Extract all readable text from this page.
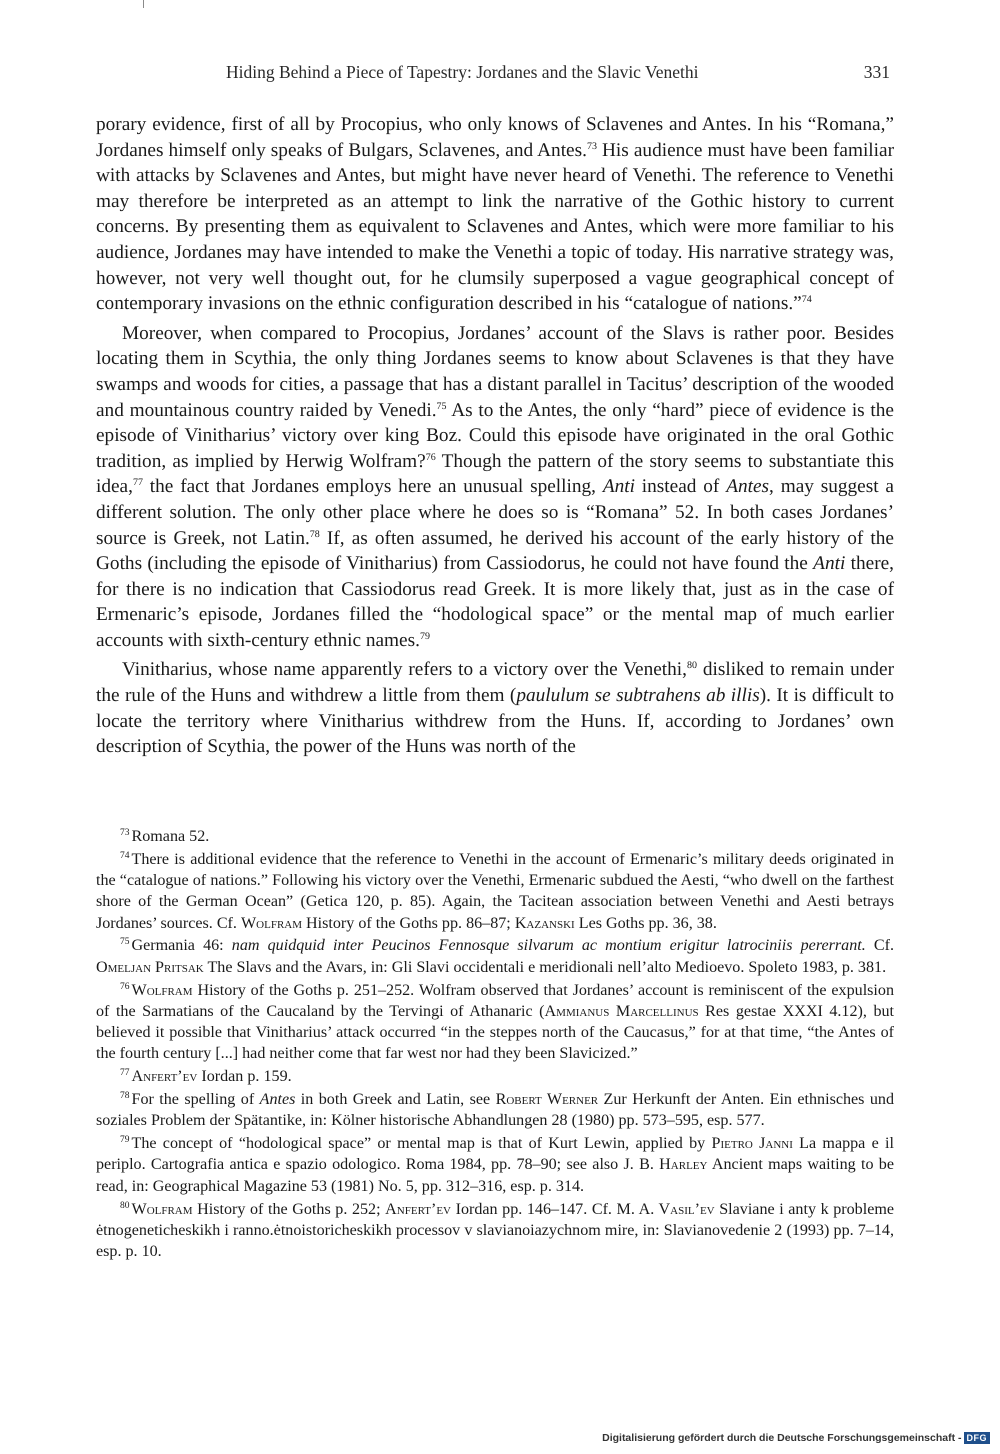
Hiding Behind a Piece of Tapestry: Jordanes and the Slavic Venethi	331

porary evidence, first of all by Procopius, who only knows of Sclavenes and Antes. In his “Romana,” Jordanes himself only speaks of Bulgars, Sclavenes, and Antes.$^{73}$ His audience must have been familiar with attacks by Sclavenes and Antes, but might have never heard of Venethi. The reference to Venethi may therefore be interpreted as an attempt to link the narrative of the Gothic history to current concerns. By presenting them as equivalent to Sclavenes and Antes, which were more familiar to his audience, Jordanes may have intended to make the Venethi a topic of today. His narrative strategy was, however, not very well thought out, for he clumsily superposed a vague geographical concept of contemporary invasions on the ethnic configuration described in his “catalogue of nations.”$^{74}$

Moreover, when compared to Procopius, Jordanes’ account of the Slavs is rather poor. Besides locating them in Scythia, the only thing Jordanes seems to know about Sclavenes is that they have swamps and woods for cities, a passage that has a distant parallel in Tacitus’ description of the wooded and mountainous country raided by Venedi.$^{75}$ As to the Antes, the only “hard” piece of evidence is the episode of Vinitharius’ victory over king Boz. Could this episode have originated in the oral Gothic tradition, as implied by Herwig Wolfram?$^{76}$ Though the pattern of the story seems to substantiate this idea,$^{77}$ the fact that Jordanes employs here an unusual spelling, Anti instead of Antes, may suggest a different solution. The only other place where he does so is “Romana” 52. In both cases Jordanes’ source is Greek, not Latin.$^{78}$ If, as often assumed, he derived his account of the early history of the Goths (including the episode of Vinitharius) from Cassiodorus, he could not have found the Anti there, for there is no indication that Cassiodorus read Greek. It is more likely that, just as in the case of Ermenaric’s episode, Jordanes filled the “hodological space” or the mental map of much earlier accounts with sixth-century ethnic names.$^{79}$

Vinitharius, whose name apparently refers to a victory over the Venethi,$^{80}$ disliked to remain under the rule of the Huns and withdrew a little from them (paululum se subtrahens ab illis). It is difficult to locate the territory where Vinitharius withdrew from the Huns. If, according to Jordanes’ own description of Scythia, the power of the Huns was north of the

$^{73}$ Romana 52.

$^{74}$ There is additional evidence that the reference to Venethi in the account of Ermenaric’s military deeds originated in the “catalogue of nations.” Following his victory over the Venethi, Ermenaric subdued the Aesti, “who dwell on the farthest shore of the German Ocean” (Getica 120, p. 85). Again, the Tacitean association between Venethi and Aesti betrays Jordanes’ sources. Cf. Wolfram History of the Goths pp. 86–87; Kazanski Les Goths pp. 36, 38.

$^{75}$ Germania 46: nam quidquid inter Peucinos Fennosque silvarum ac montium erigitur latrociniis pererrant. Cf. Omeljan Pritsak The Slavs and the Avars, in: Gli Slavi occidentali e meridionali nell’alto Medioevo. Spoleto 1983, p. 381.

$^{76}$ Wolfram History of the Goths p. 251–252. Wolfram observed that Jordanes’ account is reminiscent of the expulsion of the Sarmatians of the Caucaland by the Tervingi of Athanaric (Ammianus Marcellinus Res gestae XXXI 4.12), but believed it possible that Vinitharius’ attack occurred “in the steppes north of the Caucasus,” for at that time, “the Antes of the fourth century [...] had neither come that far west nor had they been Slavicized.”

$^{77}$ Anfert’ev Iordan p. 159.

$^{78}$ For the spelling of Antes in both Greek and Latin, see Robert Werner Zur Herkunft der Anten. Ein ethnisches und soziales Problem der Spätantike, in: Kölner historische Abhandlungen 28 (1980) pp. 573–595, esp. 577.

$^{79}$ The concept of “hodological space” or mental map is that of Kurt Lewin, applied by Pietro Janni La mappa e il periplo. Cartografia antica e spazio odologico. Roma 1984, pp. 78–90; see also J. B. Harley Ancient maps waiting to be read, in: Geographical Magazine 53 (1981) No. 5, pp. 312–316, esp. p. 314.

$^{80}$ Wolfram History of the Goths p. 252; Anfert’ev Iordan pp. 146–147. Cf. M. A. Vasil’ev Slaviane i anty k probleme ėtnogeneticheskikh i ranno.ėtnoistoricheskikh processov v slavianoiazychnom mire, in: Slavianovedenie 2 (1993) pp. 7–14, esp. p. 10.

Digitalisierung gefördert durch die Deutsche Forschungsgemeinschaft - DFG
